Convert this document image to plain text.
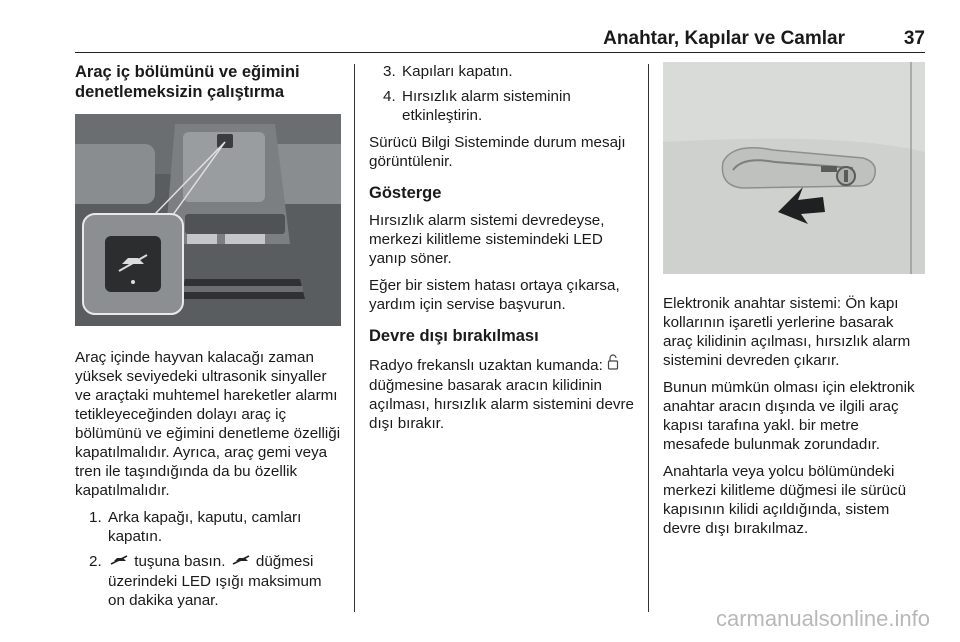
Anahtar, Kapılar ve Camlar	37
Araç iç bölümünü ve eğimini denetlemeksizin çalıştırma

Araç içinde hayvan kalacağı zaman yüksek seviyedeki ultrasonik sinyaller ve araçtaki muhtemel hareketler alarmı tetikleyeceğinden dolayı araç iç bölümünü ve eğimini denetleme özelliği kapatılmalıdır. Ayrıca, araç gemi veya tren ile taşındığında da bu özellik kapatılmalıdır.

1. Arka kapağı, kaputu, camları kapatın.
2. tuşuna basın. düğmesi üzerindeki LED ışığı maksimum on dakika yanar.
3. Kapıları kapatın.
4. Hırsızlık alarm sisteminin etkinleştirin.

Sürücü Bilgi Sisteminde durum mesajı görüntülenir.

Gösterge

Hırsızlık alarm sistemi devredeyse, merkezi kilitleme sistemindeki LED yanıp söner.

Eğer bir sistem hatası ortaya çıkarsa, yardım için servise başvurun.

Devre dışı bırakılması

Radyo frekanslı uzaktan kumanda:  düğmesine basarak aracın kilidinin açılması, hırsızlık alarm sistemini devre dışı bırakır.

Elektronik anahtar sistemi: Ön kapı kollarının işaretli yerlerine basarak araç kilidinin açılması, hırsızlık alarm sistemini devreden çıkarır.

Bunun mümkün olması için elektronik anahtar aracın dışında ve ilgili araç kapısı tarafına yakl. bir metre mesafede bulunmak zorundadır.

Anahtarla veya yolcu bölümündeki merkezi kilitleme düğmesi ile sürücü kapısının kilidi açıldığında, sistem devre dışı bırakılmaz.

carmanualsonline.info
